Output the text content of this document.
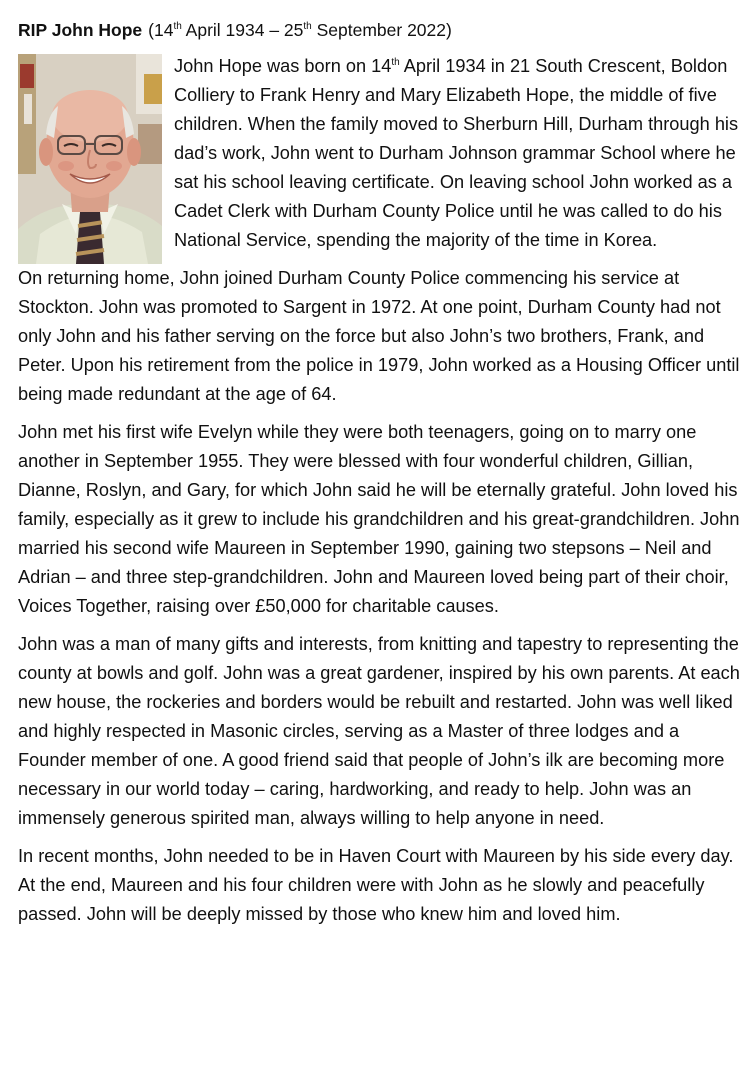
RIP John Hope (14th April 1934 – 25th September 2022)
John Hope was born on 14th April 1934 in 21 South Crescent, Boldon Colliery to Frank Henry and Mary Elizabeth Hope, the middle of five children. When the family moved to Sherburn Hill, Durham through his dad’s work, John went to Durham Johnson grammar School where he sat his school leaving certificate. On leaving school John worked as a Cadet Clerk with Durham County Police until he was called to do his National Service, spending the majority of the time in Korea.
On returning home, John joined Durham County Police commencing his service at Stockton. John was promoted to Sargent in 1972. At one point, Durham County had not only John and his father serving on the force but also John’s two brothers, Frank, and Peter. Upon his retirement from the police in 1979, John worked as a Housing Officer until being made redundant at the age of 64.
John met his first wife Evelyn while they were both teenagers, going on to marry one another in September 1955. They were blessed with four wonderful children, Gillian, Dianne, Roslyn, and Gary, for which John said he will be eternally grateful. John loved his family, especially as it grew to include his grandchildren and his great-grandchildren. John married his second wife Maureen in September 1990, gaining two stepsons – Neil and Adrian – and three step-grandchildren. John and Maureen loved being part of their choir, Voices Together, raising over £50,000 for charitable causes.
John was a man of many gifts and interests, from knitting and tapestry to representing the county at bowls and golf. John was a great gardener, inspired by his own parents. At each new house, the rockeries and borders would be rebuilt and restarted. John was well liked and highly respected in Masonic circles, serving as a Master of three lodges and a Founder member of one. A good friend said that people of John’s ilk are becoming more necessary in our world today – caring, hardworking, and ready to help. John was an immensely generous spirited man, always willing to help anyone in need.
In recent months, John needed to be in Haven Court with Maureen by his side every day. At the end, Maureen and his four children were with John as he slowly and peacefully passed. John will be deeply missed by those who knew him and loved him.
